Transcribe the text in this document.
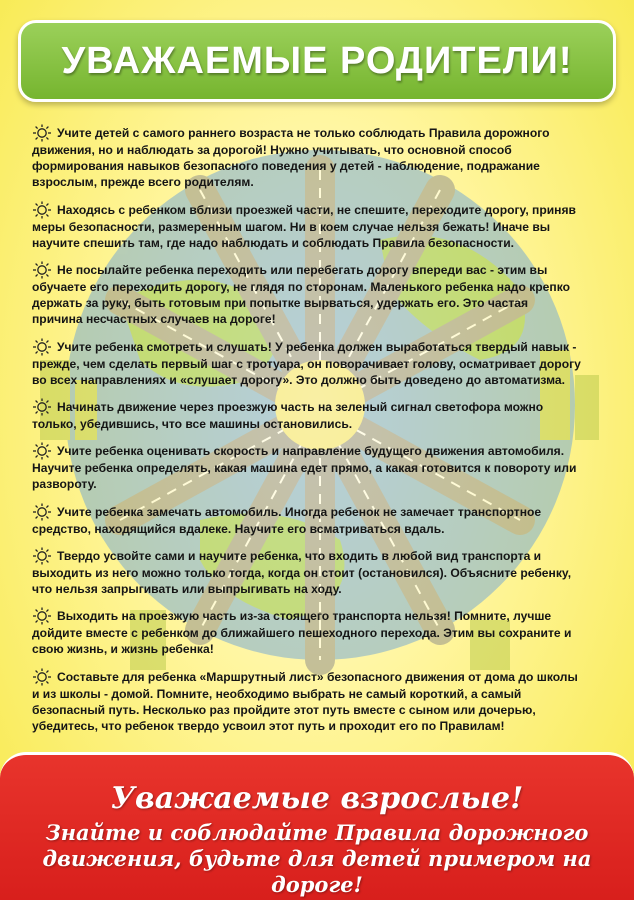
УВАЖАЕМЫЕ РОДИТЕЛИ!

Учите детей с самого раннего возраста не только соблюдать Правила дорожного движения, но и наблюдать за дорогой! Нужно учитывать, что основной способ формирования навыков безопасного поведения у детей - наблюдение, подражание взрослым, прежде всего родителям.

Находясь с ребенком вблизи проезжей части, не спешите, переходите дорогу, приняв меры безопасности, размеренным шагом. Ни в коем случае нельзя бежать! Иначе вы научите спешить там, где надо наблюдать и соблюдать Правила безопасности.

Не посылайте ребенка переходить или перебегать дорогу впереди вас - этим вы обучаете его переходить дорогу, не глядя по сторонам. Маленького ребенка надо крепко держать за руку, быть готовым при попытке вырваться, удержать его. Это частая причина несчастных случаев на дороге!

Учите ребенка смотреть и слушать! У ребенка должен выработаться твердый навык - прежде, чем сделать первый шаг с тротуара, он поворачивает голову, осматривает дорогу во всех направлениях и «слушает дорогу». Это должно быть доведено до автоматизма.

Начинать движение через проезжую часть на зеленый сигнал светофора можно только, убедившись, что все машины остановились.

Учите ребенка оценивать скорость и направление будущего движения автомобиля. Научите ребенка определять, какая машина едет прямо, а какая готовится к повороту или развороту.

Учите ребенка замечать автомобиль. Иногда ребенок не замечает транспортное средство, находящийся вдалеке. Научите его всматриваться вдаль.

Твердо усвойте сами и научите ребенка, что входить в любой вид транспорта и выходить из него можно только тогда, когда он стоит (остановился). Объясните ребенку, что нельзя запрыгивать или выпрыгивать на ходу.

Выходить на проезжую часть из-за стоящего транспорта нельзя! Помните, лучше дойдите вместе с ребенком до ближайшего пешеходного перехода. Этим вы сохраните и свою жизнь, и жизнь ребенка!

Составьте для ребенка «Маршрутный лист» безопасного движения от дома до школы и из школы - домой. Помните, необходимо выбрать не самый короткий, а самый безопасный путь. Несколько раз пройдите этот путь вместе с сыном или дочерью, убедитесь, что ребенок твердо усвоил этот путь и проходит его по Правилам!

Уважаемые взрослые!
Знайте и соблюдайте Правила дорожного движения, будьте для детей примером на дороге!
